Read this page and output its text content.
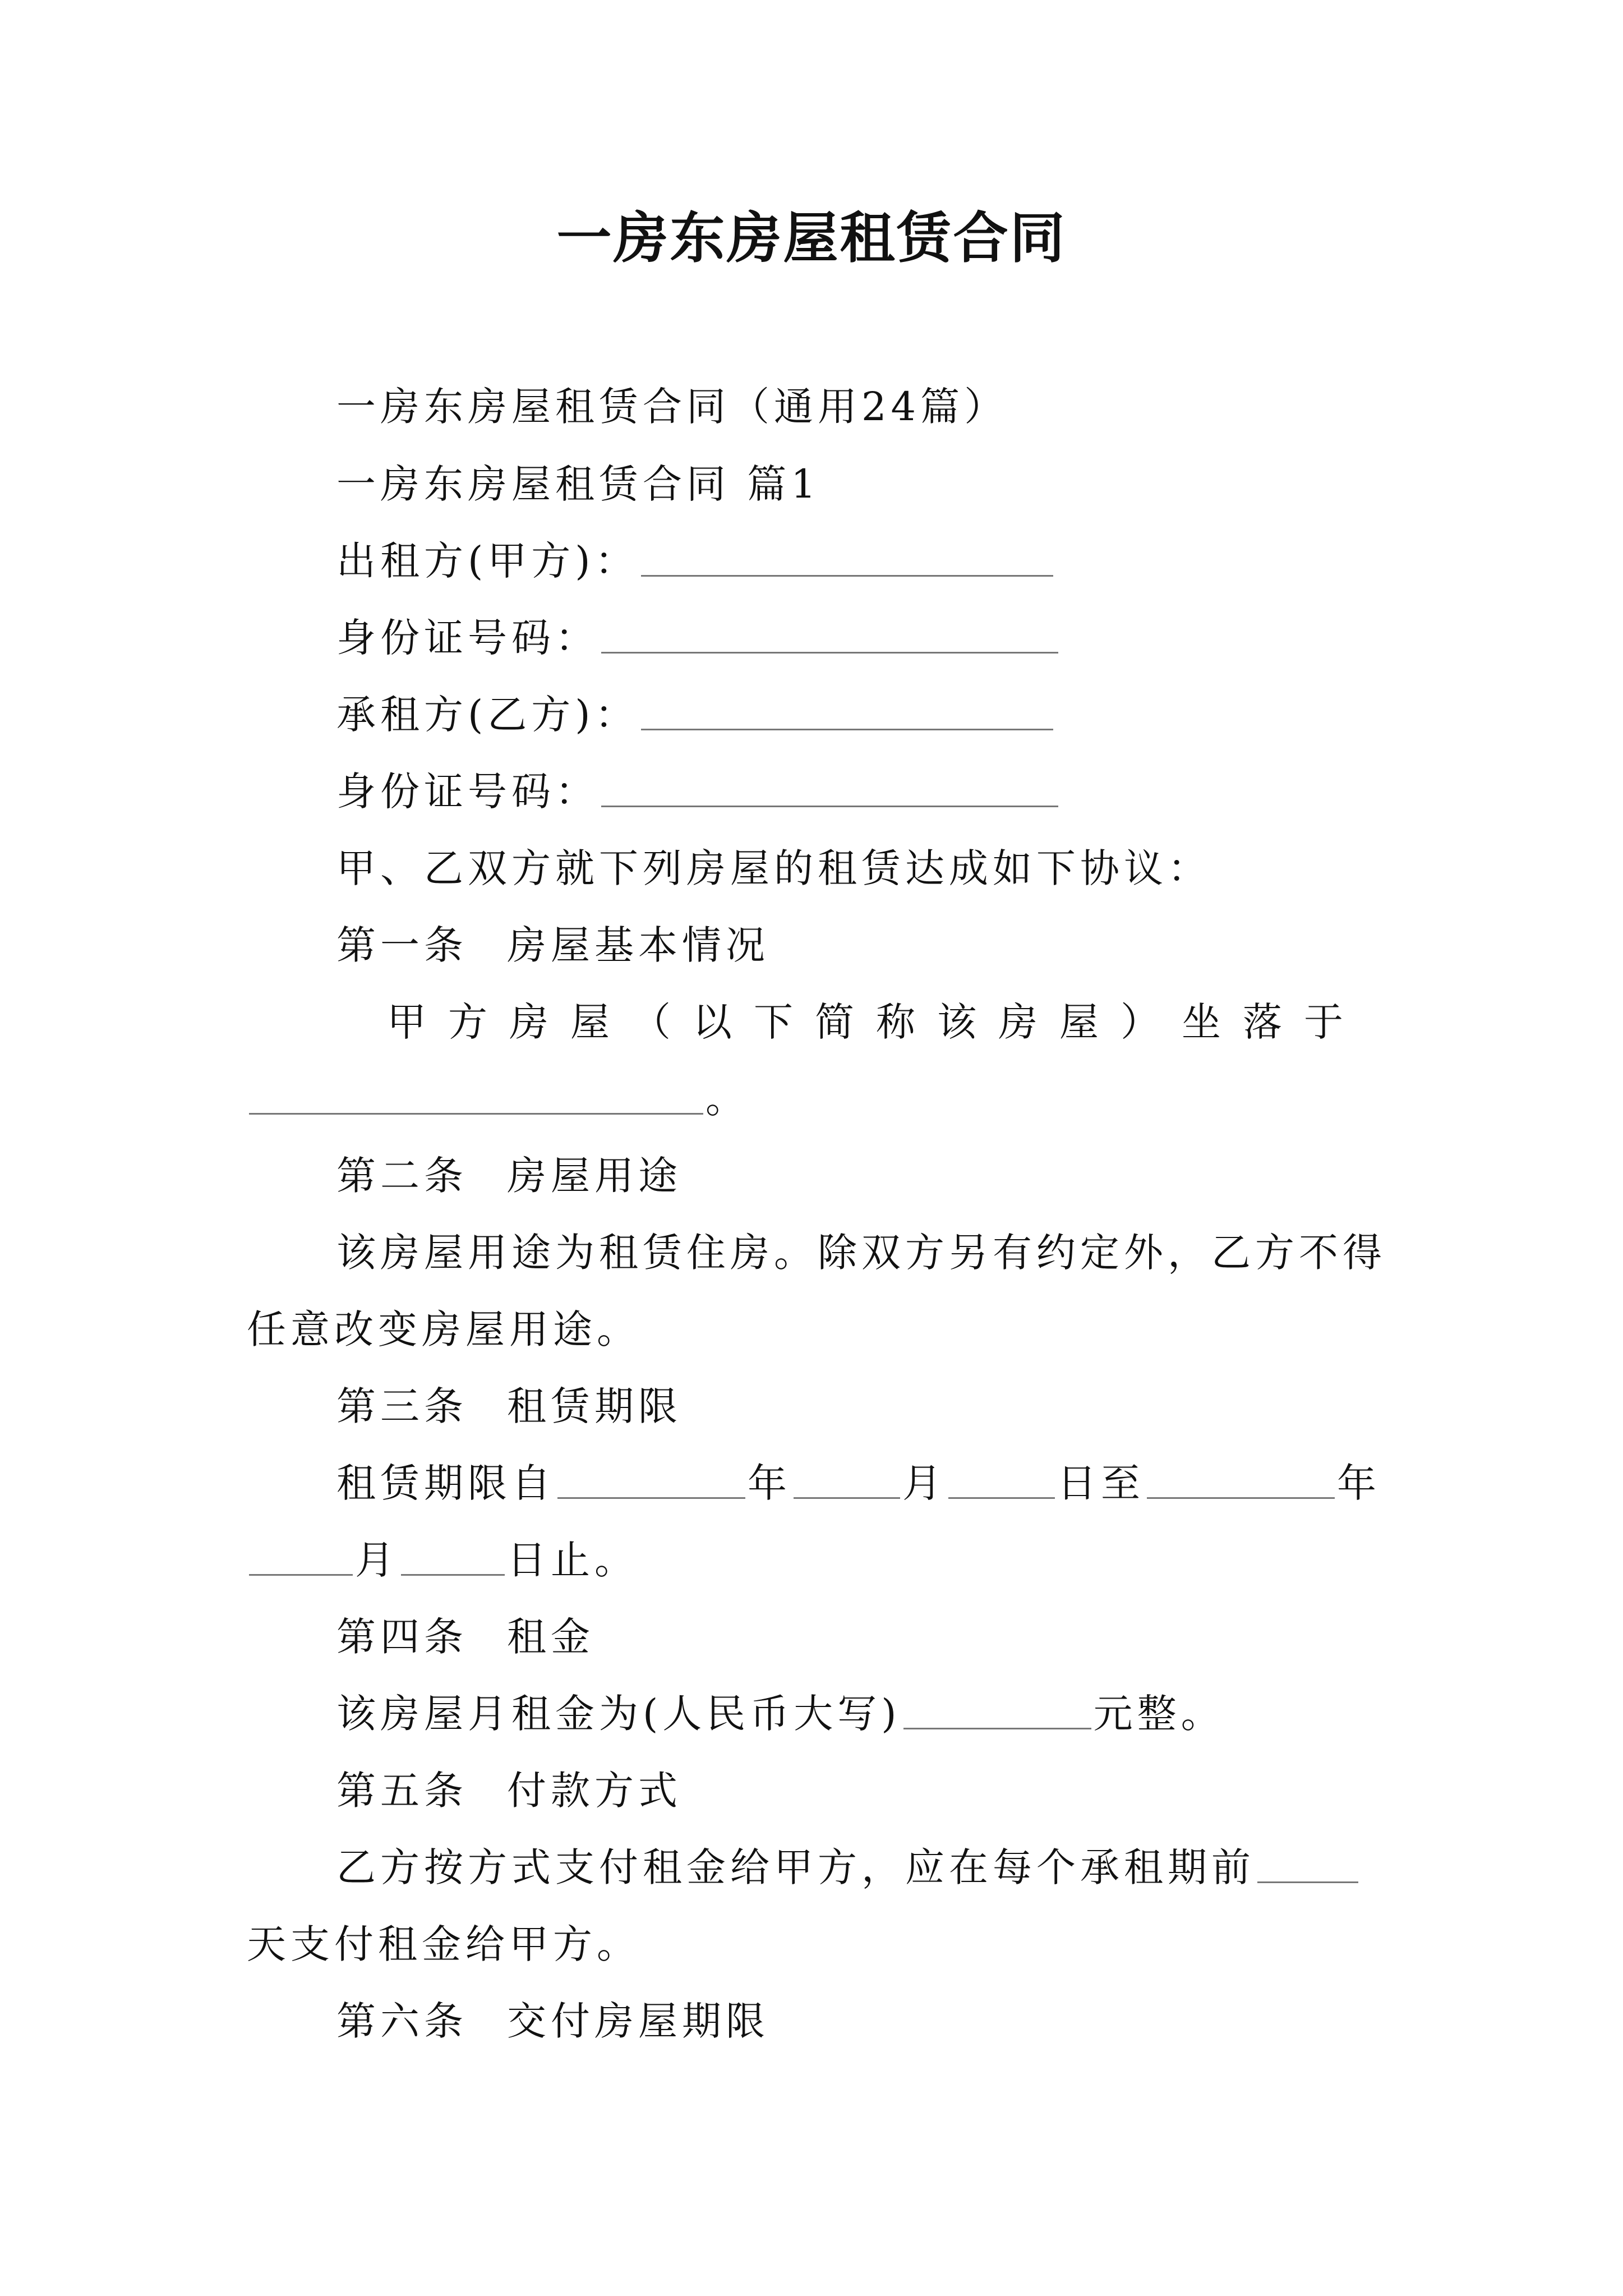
一房东房屋租赁合同
一房东房屋租赁合同（通用24篇）
一房东房屋租赁合同 篇1
出租方(甲方)：
身份证号码：
承租方(乙方)：
身份证号码：
甲、乙双方就下列房屋的租赁达成如下协议：
第一条 房屋基本情况
甲方房屋（以下简称该房屋）坐落于
。
第二条 房屋用途
该房屋用途为租赁住房。除双方另有约定外，乙方不得
任意改变房屋用途。
第三条 租赁期限
租赁期限自	年	月	日至	年
月	日止。
第四条 租金
该房屋月租金为(人民币大写)	元整。
第五条 付款方式
乙方按方式支付租金给甲方，应在每个承租期前
天支付租金给甲方。
第六条 交付房屋期限
